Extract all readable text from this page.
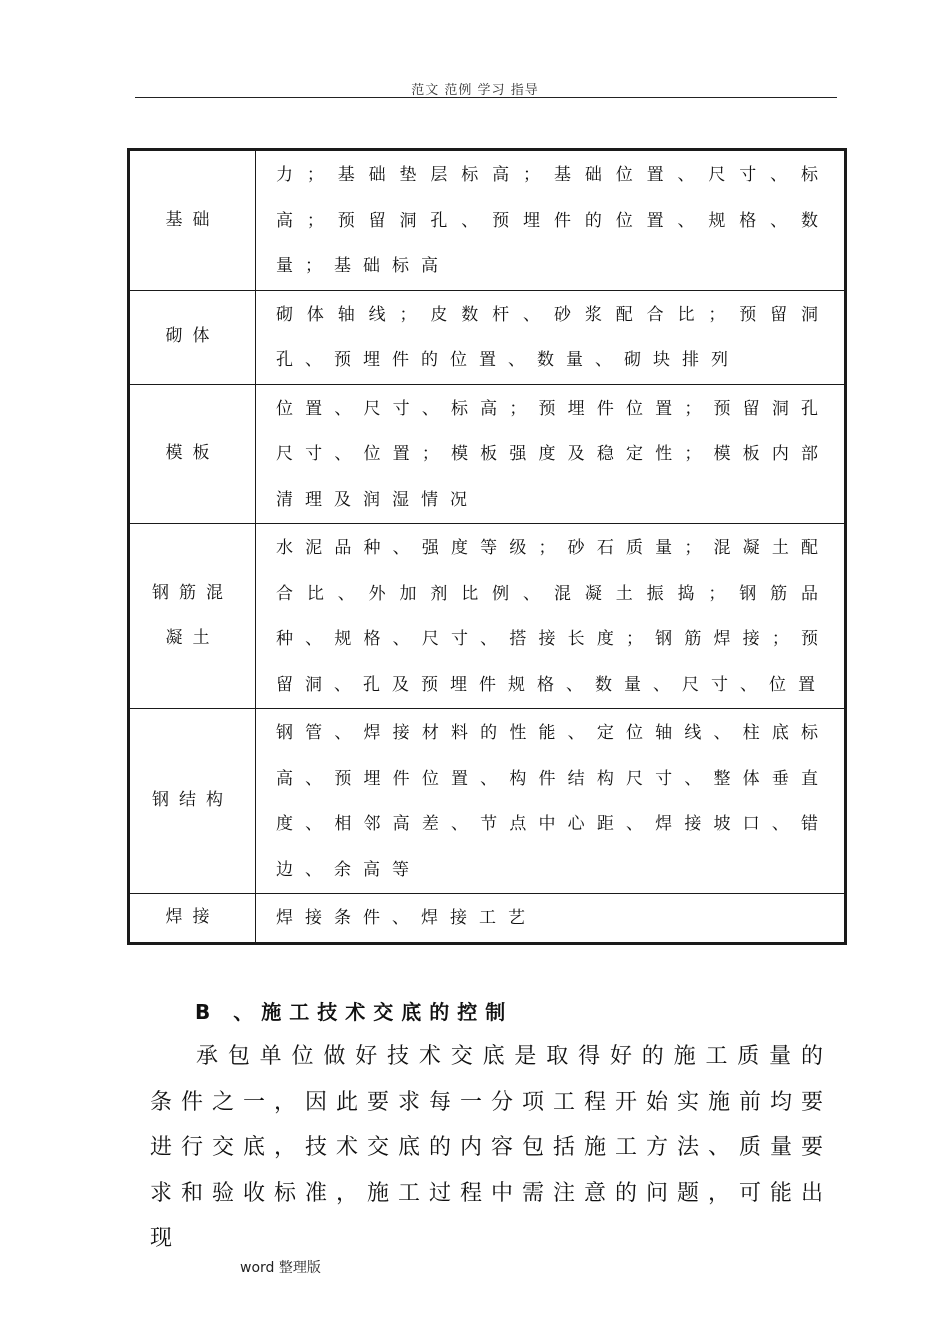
范文 范例 学习 指导
基础	力；基础垫层标高；基础位置、尺寸、标高；预留洞孔、预埋件的位置、规格、数量；基础标高
砌体	砌体轴线；皮数杆、砂浆配合比；预留洞孔、预埋件的位置、数量、砌块排列
模板	位置、尺寸、标高；预埋件位置；预留洞孔尺寸、位置；模板强度及稳定性；模板内部清理及润湿情况
钢筋混凝土	水泥品种、强度等级；砂石质量；混凝土配合比、外加剂比例、混凝土振捣；钢筋品种、规格、尺寸、搭接长度；钢筋焊接；预留洞、孔及预埋件规格、数量、尺寸、位置
钢结构	钢管、焊接材料的性能、定位轴线、柱底标高、预埋件位置、构件结构尺寸、整体垂直度、相邻高差、节点中心距、焊接坡口、错边、余高等
焊接	焊接条件、焊接工艺
B 、施工技术交底的控制

承包单位做好技术交底是取得好的施工质量的条件之一，因此要求每一分项工程开始实施前均要进行交底，技术交底的内容包括施工方法、质量要求和验收标准，施工过程中需注意的问题，可能出现

word 整理版
